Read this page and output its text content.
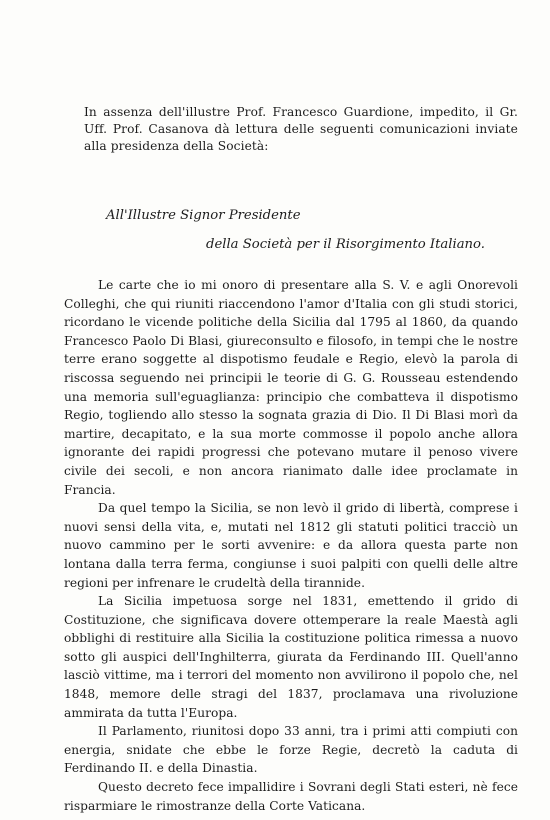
In assenza dell'illustre Prof. Francesco Guardione, impedito, il Gr. Uff. Prof. Casanova dà lettura delle seguenti comunicazioni inviate alla presidenza della Società:

All'Illustre Signor Presidente
della Società per il Risorgimento Italiano.

Le carte che io mi onoro di presentare alla S. V. e agli Onorevoli Colleghi, che qui riuniti riaccendono l'amor d'Italia con gli studi storici, ricordano le vicende politiche della Sicilia dal 1795 al 1860, da quando Francesco Paolo Di Blasi, giureconsulto e filosofo, in tempi che le nostre terre erano soggette al dispotismo feudale e Regio, elevò la parola di riscossa seguendo nei principii le teorie di G. G. Rousseau estendendo una memoria sull'eguaglianza: principio che combatteva il dispotismo Regio, togliendo allo stesso la sognata grazia di Dio. Il Di Blasi morì da martire, decapitato, e la sua morte commosse il popolo anche allora ignorante dei rapidi progressi che potevano mutare il penoso vivere civile dei secoli, e non ancora rianimato dalle idee proclamate in Francia.

Da quel tempo la Sicilia, se non levò il grido di libertà, comprese i nuovi sensi della vita, e, mutati nel 1812 gli statuti politici tracciò un nuovo cammino per le sorti avvenire: e da allora questa parte non lontana dalla terra ferma, congiunse i suoi palpiti con quelli delle altre regioni per infrenare le crudeltà della tirannide.

La Sicilia impetuosa sorge nel 1831, emettendo il grido di Costituzione, che significava dovere ottemperare la reale Maestà agli obblighi di restituire alla Sicilia la costituzione politica rimessa a nuovo sotto gli auspici dell'Inghilterra, giurata da Ferdinando III. Quell'anno lasciò vittime, ma i terrori del momento non avvilirono il popolo che, nel 1848, memore delle stragi del 1837, proclamava una rivoluzione ammirata da tutta l'Europa.

Il Parlamento, riunitosi dopo 33 anni, tra i primi atti compiuti con energia, snidate che ebbe le forze Regie, decretò la caduta di Ferdinando II. e della Dinastia.

Questo decreto fece impallidire i Sovrani degli Stati esteri, nè fece risparmiare le rimostranze della Corte Vaticana.
